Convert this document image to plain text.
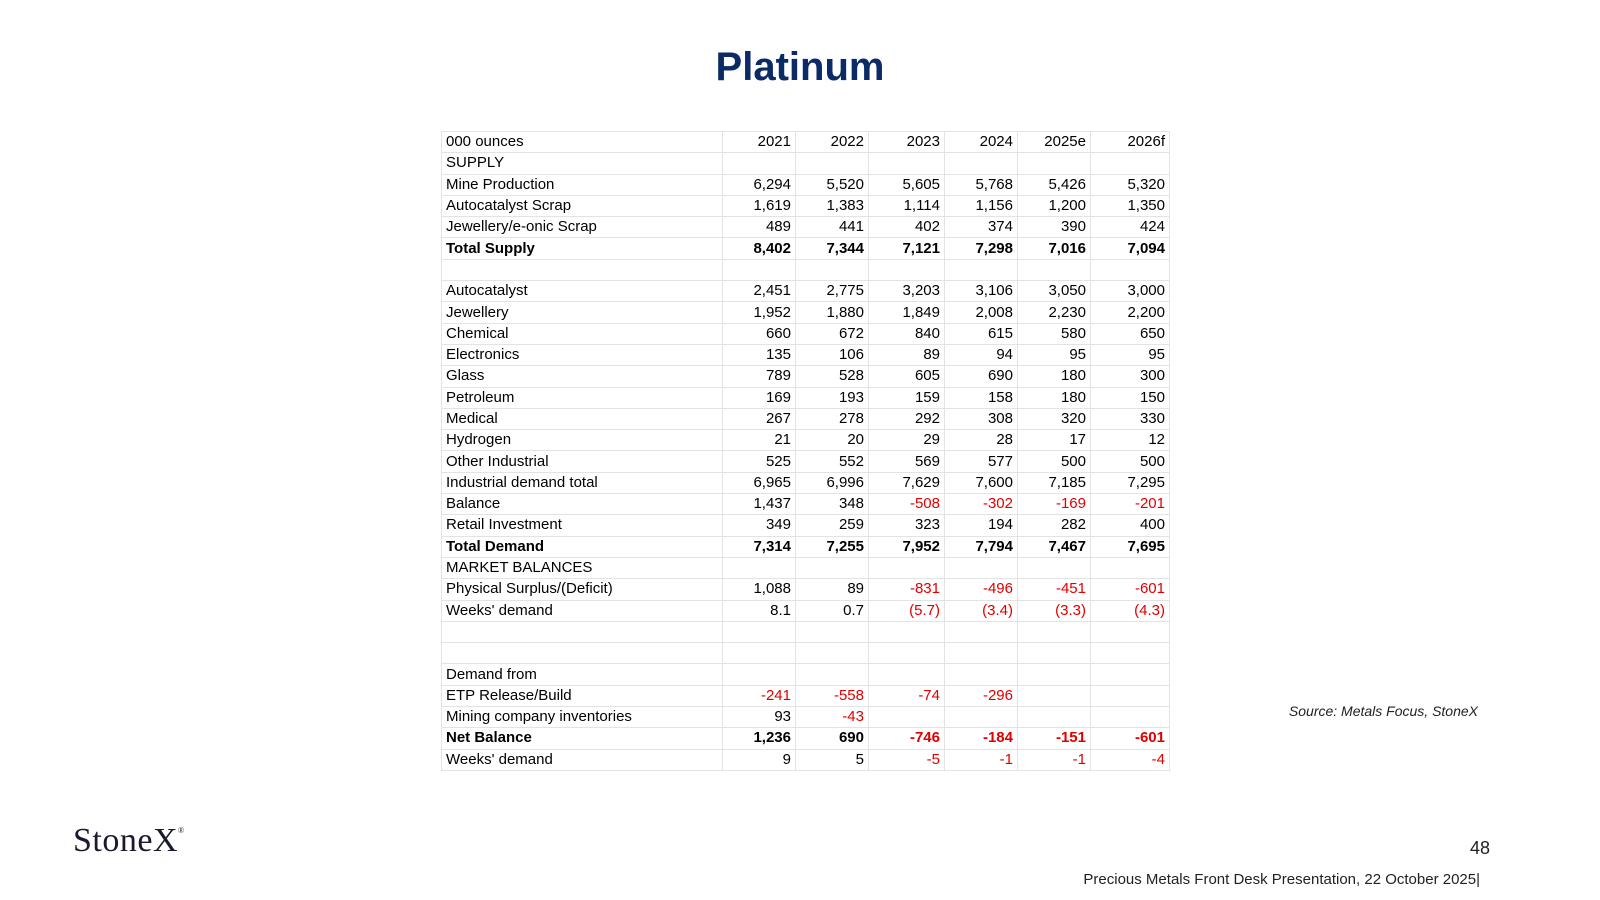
Platinum
000 ounces	2021	2022	2023	2024	2025e	2026f
SUPPLY						
Mine Production	6,294	5,520	5,605	5,768	5,426	5,320
Autocatalyst Scrap	1,619	1,383	1,114	1,156	1,200	1,350
Jewellery/e-onic Scrap	489	441	402	374	390	424
Total Supply	8,402	7,344	7,121	7,298	7,016	7,094

Autocatalyst	2,451	2,775	3,203	3,106	3,050	3,000
Jewellery	1,952	1,880	1,849	2,008	2,230	2,200
Chemical	660	672	840	615	580	650
Electronics	135	106	89	94	95	95
Glass	789	528	605	690	180	300
Petroleum	169	193	159	158	180	150
Medical	267	278	292	308	320	330
Hydrogen	21	20	29	28	17	12
Other Industrial	525	552	569	577	500	500
Industrial demand total	6,965	6,996	7,629	7,600	7,185	7,295
Balance	1,437	348	-508	-302	-169	-201
Retail Investment	349	259	323	194	282	400
Total Demand	7,314	7,255	7,952	7,794	7,467	7,695
MARKET BALANCES						
Physical Surplus/(Deficit)	1,088	89	-831	-496	-451	-601
Weeks' demand	8.1	0.7	(5.7)	(3.4)	(3.3)	(4.3)

Demand from						
ETP Release/Build	-241	-558	-74	-296		
Mining company inventories	93	-43				
Net Balance	1,236	690	-746	-184	-151	-601
Weeks' demand	9	5	-5	-1	-1	-4
Source: Metals Focus, StoneX
StoneX®
48
Precious Metals Front Desk Presentation, 22 October 2025|
